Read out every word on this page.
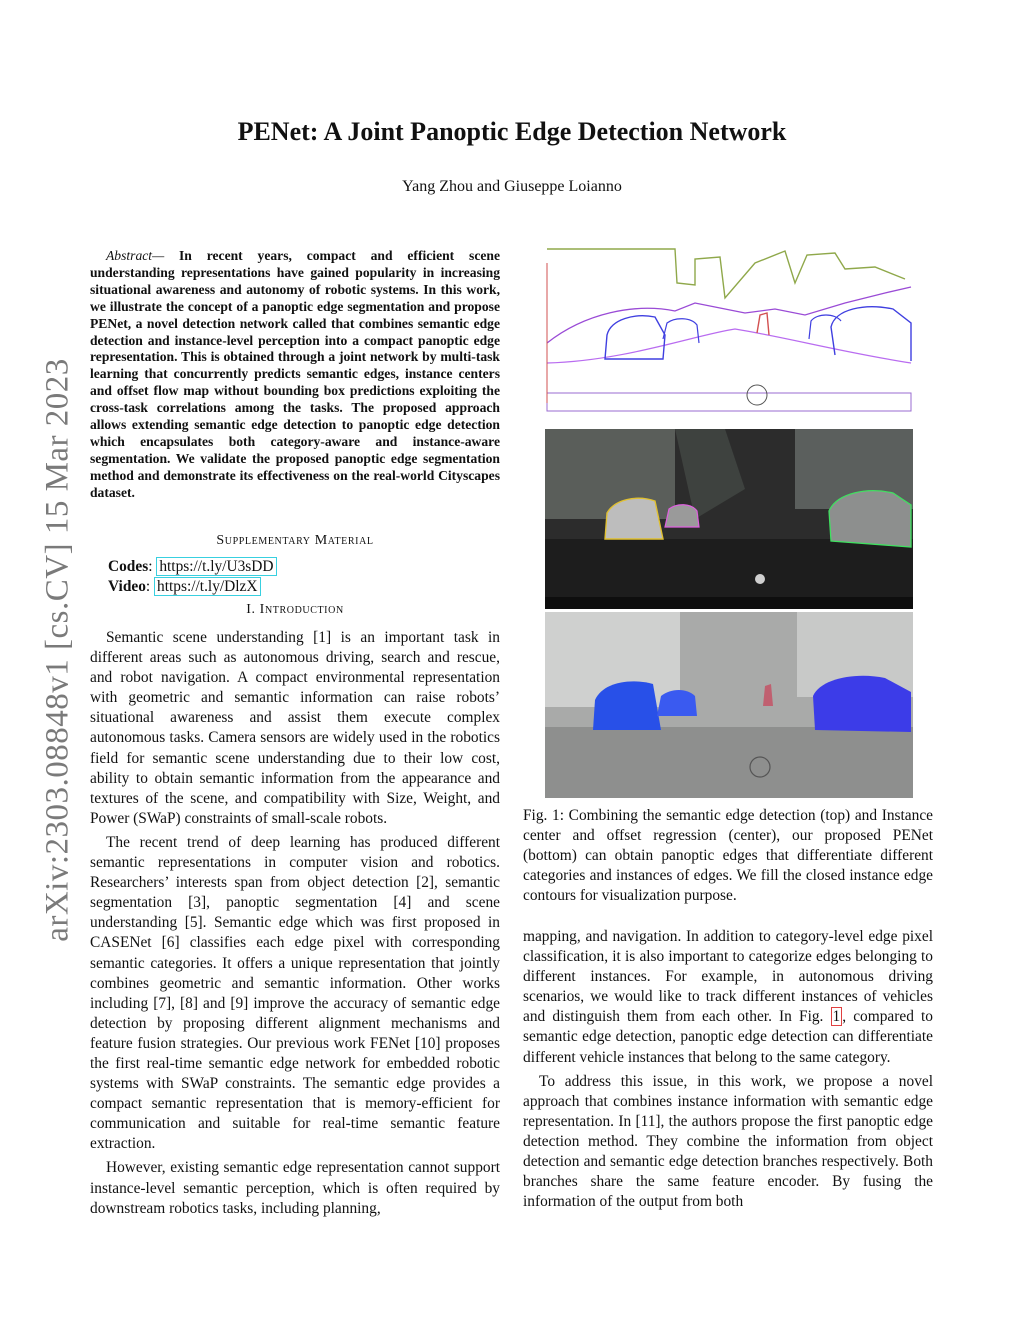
arXiv:2303.08848v1 [cs.CV] 15 Mar 2023
PENet: A Joint Panoptic Edge Detection Network
Yang Zhou and Giuseppe Loianno
Abstract— In recent years, compact and efficient scene understanding representations have gained popularity in increasing situational awareness and autonomy of robotic systems. In this work, we illustrate the concept of a panoptic edge segmentation and propose PENet, a novel detection network called that combines semantic edge detection and instance-level perception into a compact panoptic edge representation. This is obtained through a joint network by multi-task learning that concurrently predicts semantic edges, instance centers and offset flow map without bounding box predictions exploiting the cross-task correlations among the tasks. The proposed approach allows extending semantic edge detection to panoptic edge detection which encapsulates both category-aware and instance-aware segmentation. We validate the proposed panoptic edge segmentation method and demonstrate its effectiveness on the real-world Cityscapes dataset.
Supplementary Material
Codes: https://t.ly/U3sDD
Video: https://t.ly/DlzX
I. Introduction

Semantic scene understanding [1] is an important task in different areas such as autonomous driving, search and rescue, and robot navigation. A compact environmental representation with geometric and semantic information can raise robots’ situational awareness and assist them execute complex autonomous tasks. Camera sensors are widely used in the robotics field for semantic scene understanding due to their low cost, ability to obtain semantic information from the appearance and textures of the scene, and compatibility with Size, Weight, and Power (SWaP) constraints of small-scale robots.

The recent trend of deep learning has produced different semantic representations in computer vision and robotics. Researchers’ interests span from object detection [2], semantic segmentation [3], panoptic segmentation [4] and scene understanding [5]. Semantic edge which was first proposed in CASENet [6] classifies each edge pixel with corresponding semantic categories. It offers a unique representation that jointly combines geometric and semantic information. Other works including [7], [8] and [9] improve the accuracy of semantic edge detection by proposing different alignment mechanisms and feature fusion strategies. Our previous work FENet [10] proposes the first real-time semantic edge network for embedded robotic systems with SWaP constraints. The semantic edge provides a compact semantic representation that is memory-efficient for communication and suitable for real-time semantic feature extraction.

However, existing semantic edge representation cannot support instance-level semantic perception, which is often required by downstream robotics tasks, including planning,

Fig. 1: Combining the semantic edge detection (top) and Instance center and offset regression (center), our proposed PENet (bottom) can obtain panoptic edges that differentiate different categories and instances of edges. We fill the closed instance edge contours for visualization purpose.

mapping, and navigation. In addition to category-level edge pixel classification, it is also important to categorize edges belonging to different instances. For example, in autonomous driving scenarios, we would like to track different instances of vehicles and distinguish them from each other. In Fig. 1 , compared to semantic edge detection, panoptic edge detection can differentiate different vehicle instances that belong to the same category.

To address this issue, in this work, we propose a novel approach that combines instance information with semantic edge representation. In [11], the authors propose the first panoptic edge detection method. They combine the information from object detection and semantic edge detection branches respectively. Both branches share the same feature encoder. By fusing the information of the output from both
